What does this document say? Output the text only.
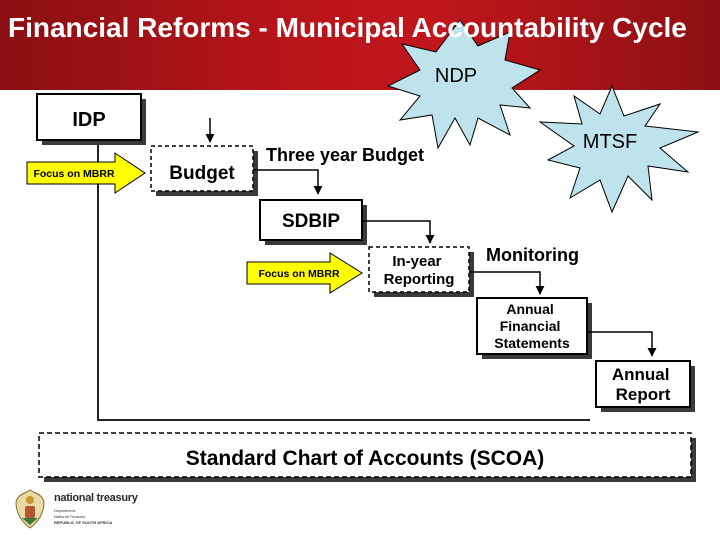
NDP
MTSF
IDP
Budget
Three year Budget
Focus on MBRR
SDBIP
Focus on MBRR
In-year Reporting
Monitoring
Annual Financial Statements
Annual Report
Standard Chart of Accounts (SCOA)
Financial Reforms - Municipal Accountability Cycle
national treasury
Department:
National Treasury
REPUBLIC OF SOUTH AFRICA
